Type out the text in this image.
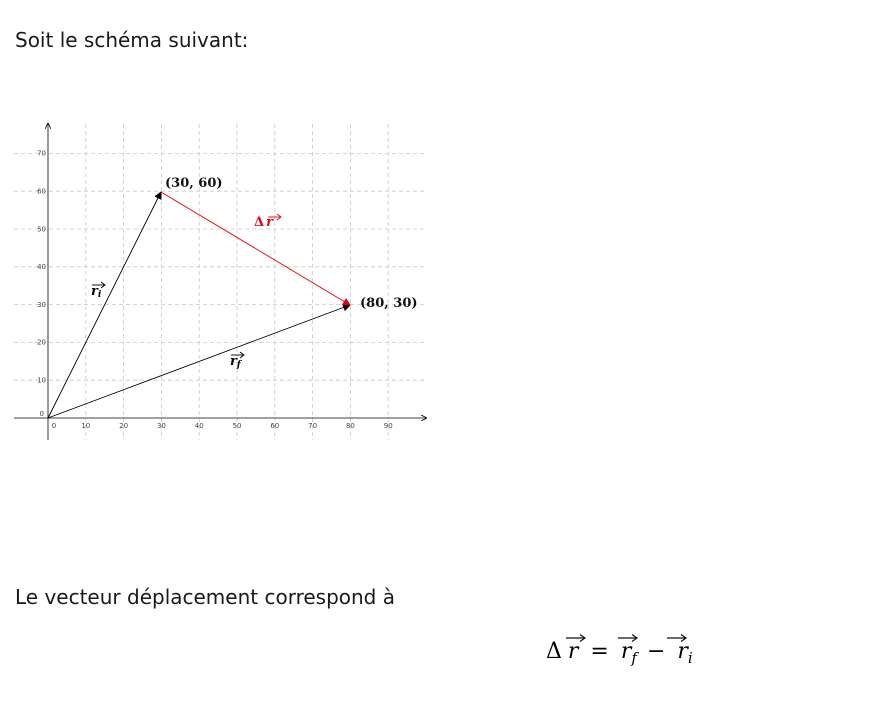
Soit le schéma suivant:

0	10	20	30	40	50	60	70	80	90
0
10
20
30
40
50
60
70
(30, 60)
(80, 30)
ri
rf
Δ r

Le vecteur déplacement correspond à

Δ $r = r_f - r_i$
